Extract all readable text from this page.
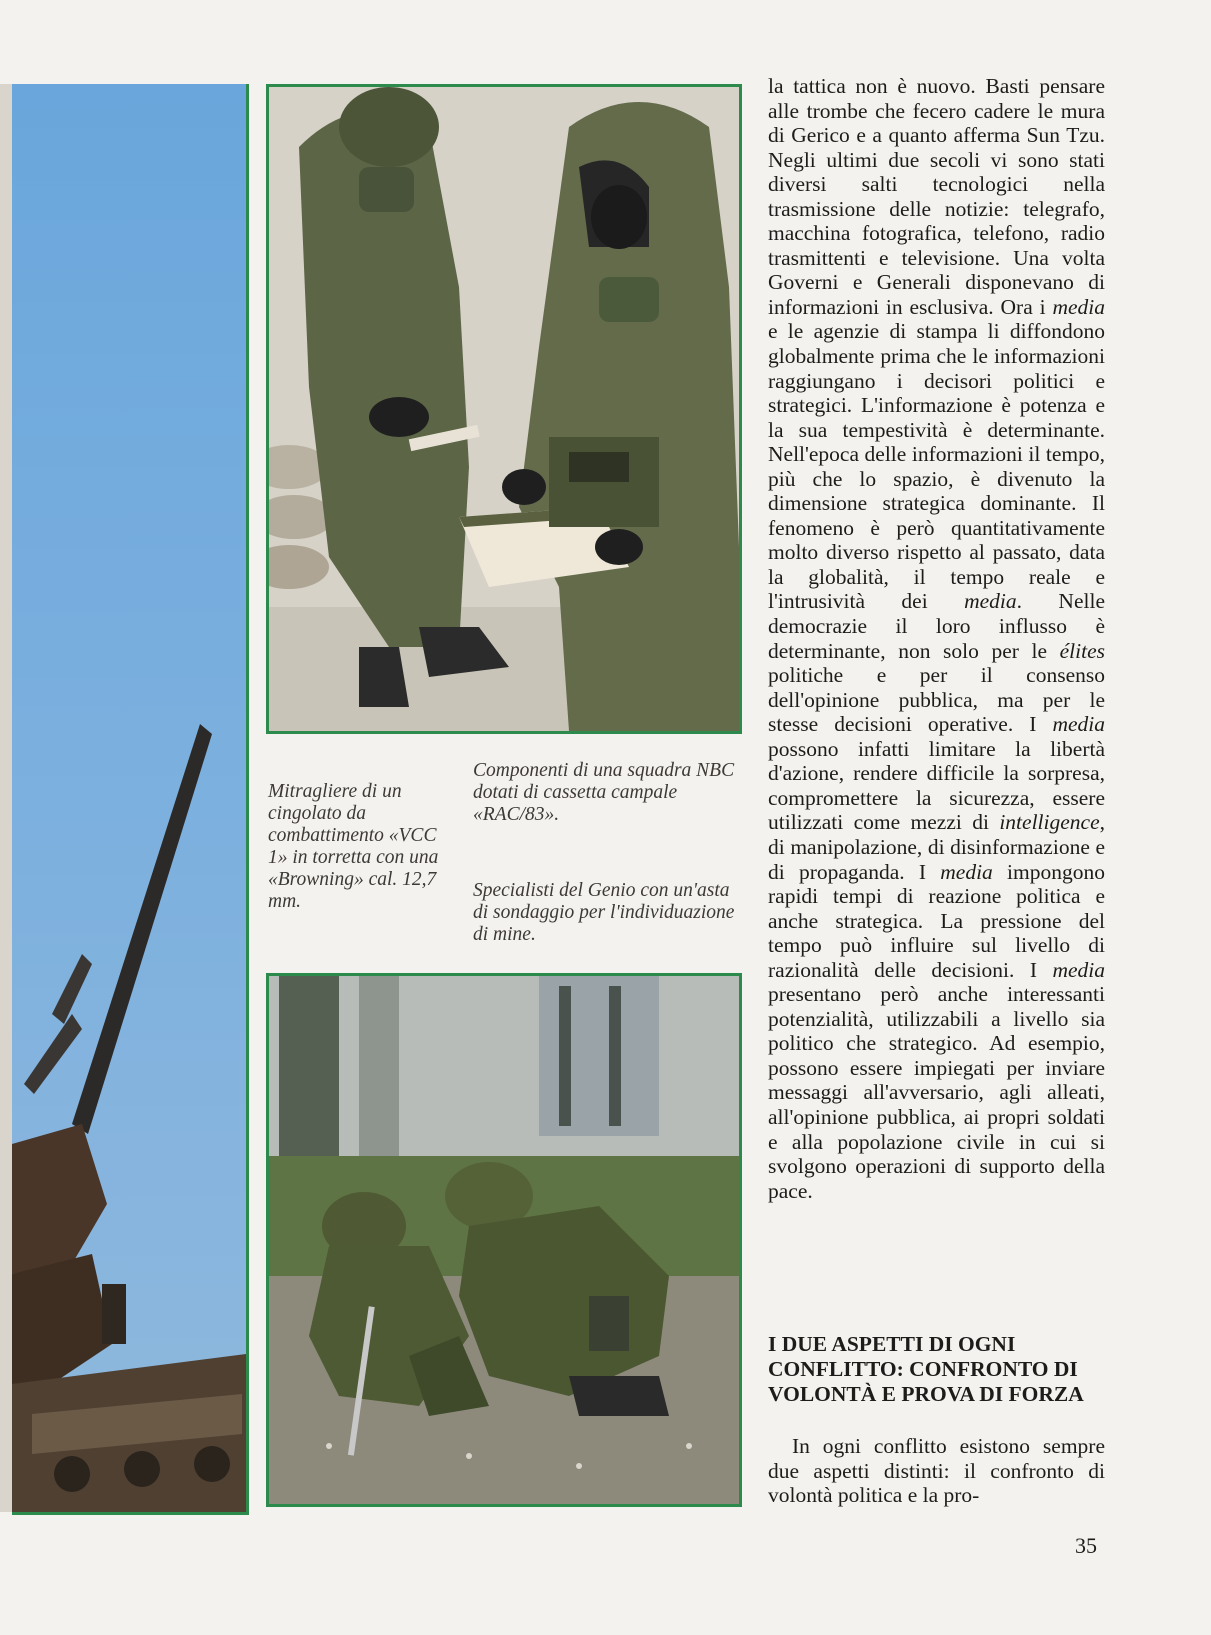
Mitragliere di un cingolato da combattimento «VCC 1» in torretta con una «Browning» cal. 12,7 mm.

Componenti di una squadra NBC dotati di cassetta campale «RAC/83».

Specialisti del Genio con un'asta di sondaggio per l'individuazione di mine.

la tattica non è nuovo. Basti pensare alle trombe che fecero cadere le mura di Gerico e a quanto afferma Sun Tzu. Negli ultimi due secoli vi sono stati diversi salti tecnologici nella trasmissione delle notizie: telegrafo, macchina fotografica, telefono, radio trasmittenti e televisione. Una volta Governi e Generali disponevano di informazioni in esclusiva. Ora i media e le agenzie di stampa li diffondono globalmente prima che le informazioni raggiungano i decisori politici e strategici. L'informazione è potenza e la sua tempestività è determinante. Nell'epoca delle informazioni il tempo, più che lo spazio, è divenuto la dimensione strategica dominante. Il fenomeno è però quantitativamente molto diverso rispetto al passato, data la globalità, il tempo reale e l'intrusività dei media. Nelle democrazie il loro influsso è determinante, non solo per le élites politiche e per il consenso dell'opinione pubblica, ma per le stesse decisioni operative. I media possono infatti limitare la libertà d'azione, rendere difficile la sorpresa, compromettere la sicurezza, essere utilizzati come mezzi di intelligence, di manipolazione, di disinformazione e di propaganda. I media impongono rapidi tempi di reazione politica e anche strategica. La pressione del tempo può influire sul livello di razionalità delle decisioni. I media presentano però anche interessanti potenzialità, utilizzabili a livello sia politico che strategico. Ad esempio, possono essere impiegati per inviare messaggi all'avversario, agli alleati, all'opinione pubblica, ai propri soldati e alla popolazione civile in cui si svolgono operazioni di supporto della pace.

I DUE ASPETTI DI OGNI CONFLITTO: CONFRONTO DI VOLONTÀ E PROVA DI FORZA

In ogni conflitto esistono sempre due aspetti distinti: il confronto di volontà politica e la pro-

35
